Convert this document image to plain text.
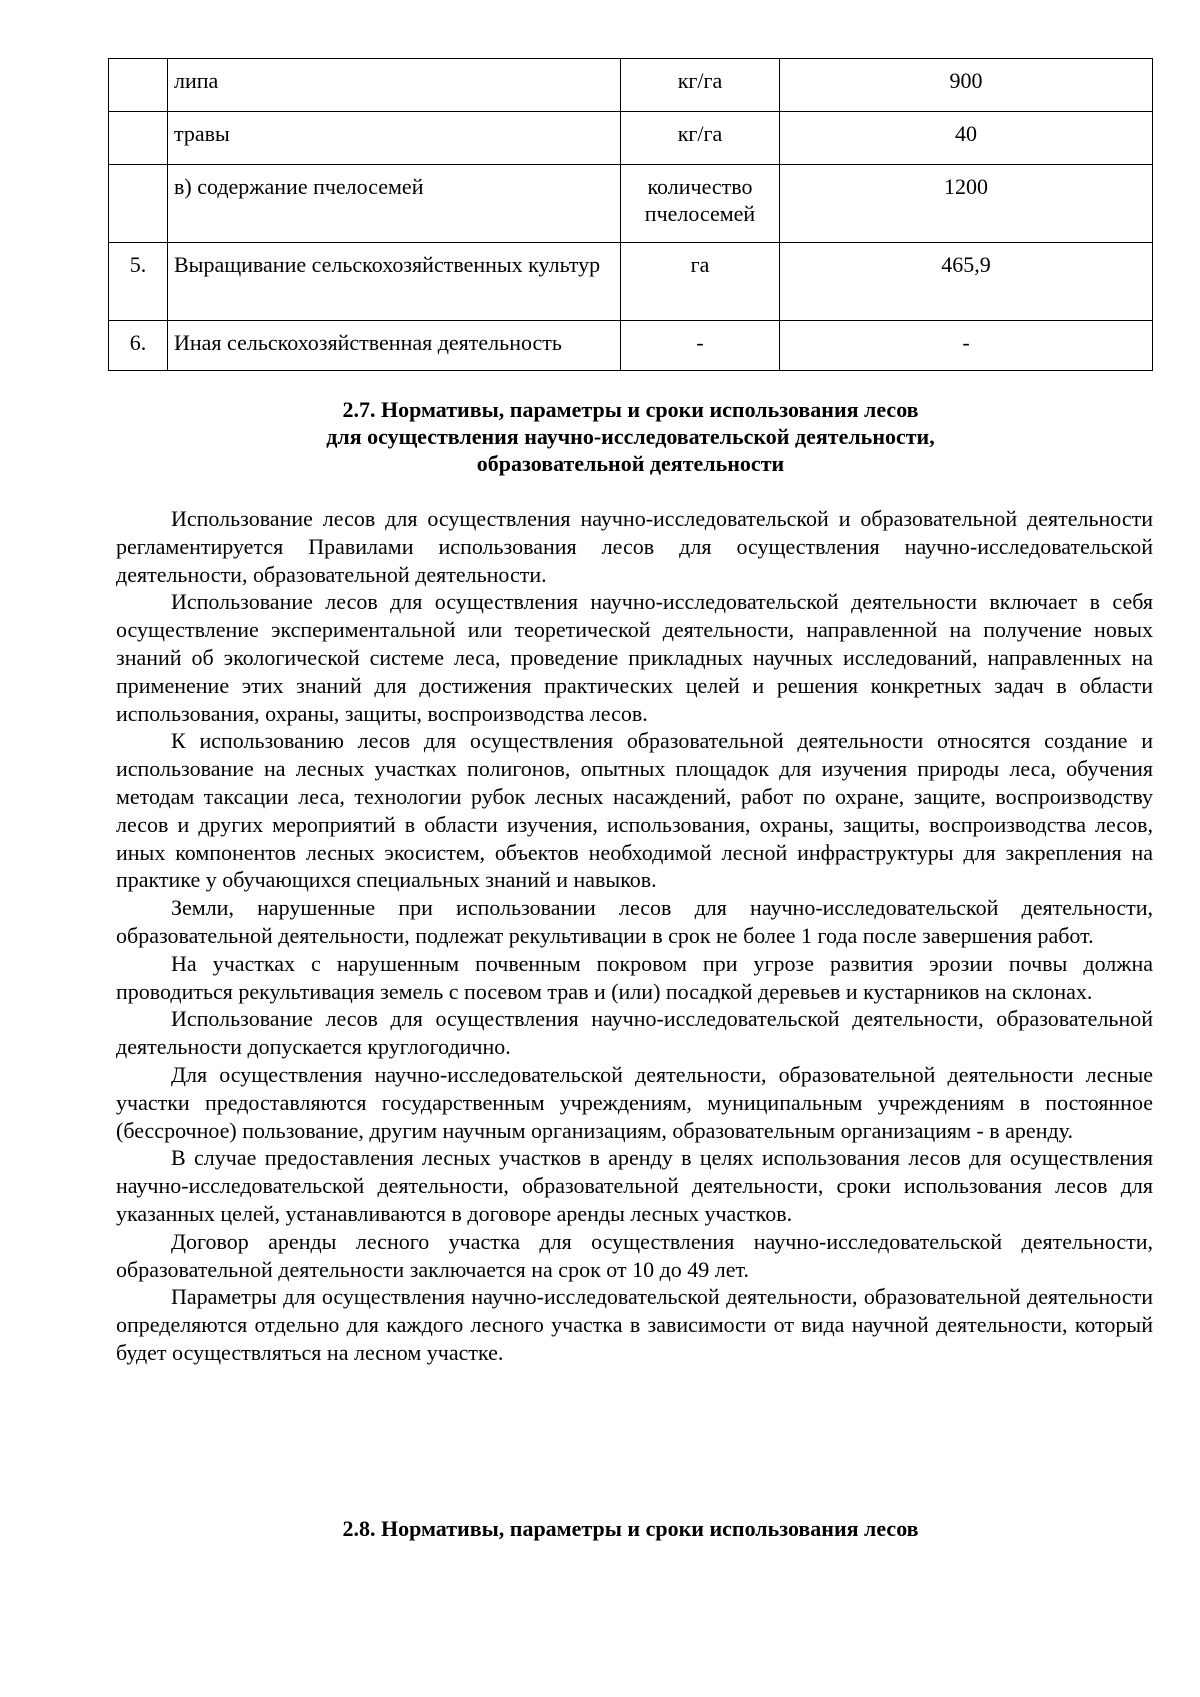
	липа	кг/га	900
	травы	кг/га	40
	в) содержание пчелосемей	количество пчелосемей	1200
5.	Выращивание сельскохозяйственных культур	га	465,9
6.	Иная сельскохозяйственная деятельность	-	-
2.7. Нормативы, параметры и сроки использования лесов
для осуществления научно-исследовательской деятельности,
образовательной деятельности

Использование лесов для осуществления научно-исследовательской и образовательной деятельности регламентируется Правилами использования лесов для осуществления научно-исследовательской деятельности, образовательной деятельности.

Использование лесов для осуществления научно-исследовательской деятельности включает в себя осуществление экспериментальной или теоретической деятельности, направленной на получение новых знаний об экологической системе леса, проведение прикладных научных исследований, направленных на применение этих знаний для достижения практических целей и решения конкретных задач в области использования, охраны, защиты, воспроизводства лесов.

К использованию лесов для осуществления образовательной деятельности относятся создание и использование на лесных участках полигонов, опытных площадок для изучения природы леса, обучения методам таксации леса, технологии рубок лесных насаждений, работ по охране, защите, воспроизводству лесов и других мероприятий в области изучения, использования, охраны, защиты, воспроизводства лесов, иных компонентов лесных экосистем, объектов необходимой лесной инфраструктуры для закрепления на практике у обучающихся специальных знаний и навыков.

Земли, нарушенные при использовании лесов для научно-исследовательской деятельности, образовательной деятельности, подлежат рекультивации в срок не более 1 года после завершения работ.

На участках с нарушенным почвенным покровом при угрозе развития эрозии почвы должна проводиться рекультивация земель с посевом трав и (или) посадкой деревьев и кустарников на склонах.

Использование лесов для осуществления научно-исследовательской деятельности, образовательной деятельности допускается круглогодично.

Для осуществления научно-исследовательской деятельности, образовательной деятельности лесные участки предоставляются государственным учреждениям, муниципальным учреждениям в постоянное (бессрочное) пользование, другим научным организациям, образовательным организациям - в аренду.

В случае предоставления лесных участков в аренду в целях использования лесов для осуществления научно-исследовательской деятельности, образовательной деятельности, сроки использования лесов для указанных целей, устанавливаются в договоре аренды лесных участков.

Договор аренды лесного участка для осуществления научно-исследовательской деятельности, образовательной деятельности заключается на срок от 10 до 49 лет.

Параметры для осуществления научно-исследовательской деятельности, образовательной деятельности определяются отдельно для каждого лесного участка в зависимости от вида научной деятельности, который будет осуществляться на лесном участке.

2.8. Нормативы, параметры и сроки использования лесов
